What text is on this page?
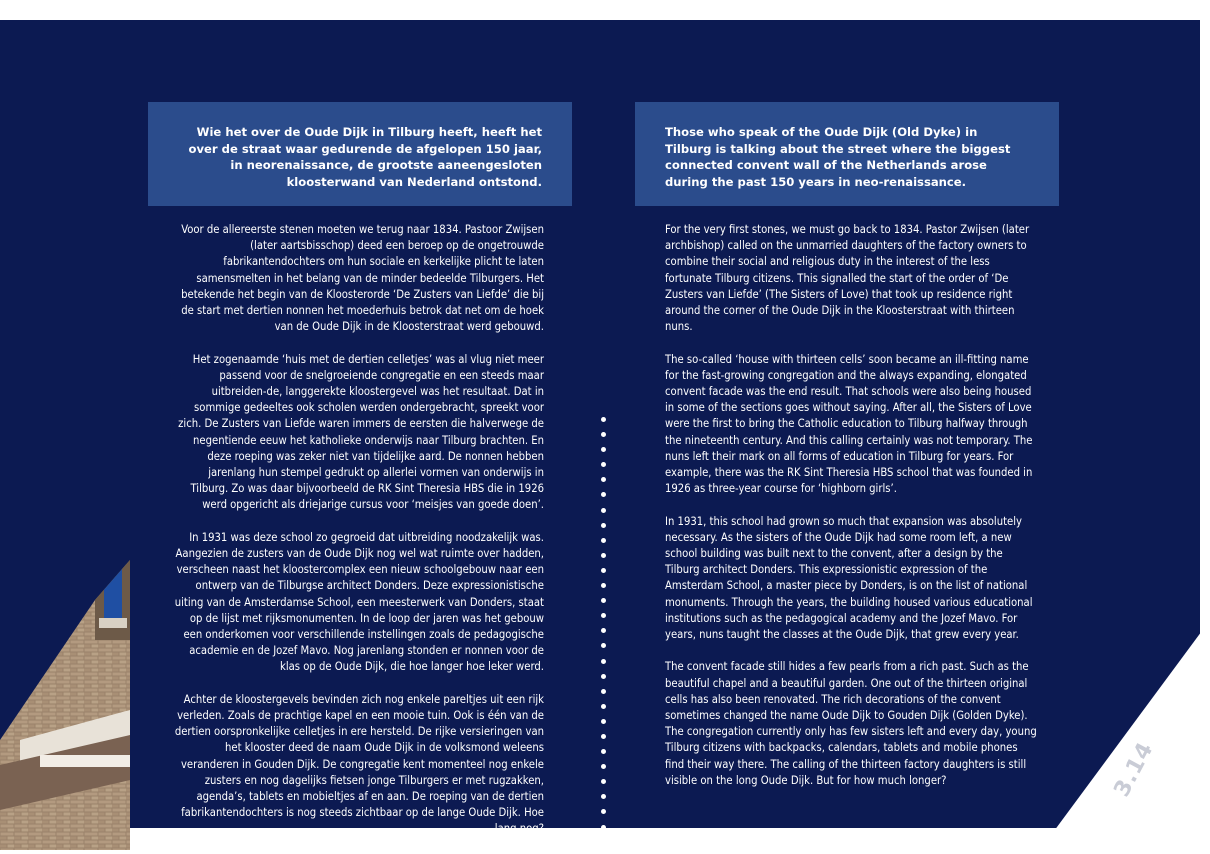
Wie het over de Oude Dijk in Tilburg heeft, heeft het over de straat waar gedurende de afgelopen 150 jaar, in neorenaissance, de grootste aaneengesloten kloosterwand van Nederland ontstond.
Those who speak of the Oude Dijk (Old Dyke) in Tilburg is talking about the street where the biggest connected convent wall of the Netherlands arose during the past 150 years in neo-renaissance.

Voor de allereerste stenen moeten we terug naar 1834. Pastoor Zwijsen (later aartsbisschop) deed een beroep op de ongetrouwde fabrikantendochters om hun sociale en kerkelijke plicht te laten samensmelten in het belang van de minder bedeelde Tilburgers. Het betekende het begin van de Kloosterorde ‘De Zusters van Liefde’ die bij de start met dertien nonnen het moederhuis betrok dat net om de hoek van de Oude Dijk in de Kloosterstraat werd gebouwd.

Het zogenaamde ‘huis met de dertien celletjes’ was al vlug niet meer passend voor de snelgroeiende congregatie en een steeds maar uitbreiden-de, langgerekte kloostergevel was het resultaat. Dat in sommige gedeeltes ook scholen werden ondergebracht, spreekt voor zich. De Zusters van Liefde waren immers de eersten die halverwege de negentiende eeuw het katholieke onderwijs naar Tilburg brachten. En deze roeping was zeker niet van tijdelijke aard. De nonnen hebben jarenlang hun stempel gedrukt op allerlei vormen van onderwijs in Tilburg. Zo was daar bijvoorbeeld de RK Sint Theresia HBS die in 1926 werd opgericht als driejarige cursus voor ‘meisjes van goede doen’.

In 1931 was deze school zo gegroeid dat uitbreiding noodzakelijk was. Aangezien de zusters van de Oude Dijk nog wel wat ruimte over hadden, verscheen naast het kloostercomplex een nieuw schoolgebouw naar een ontwerp van de Tilburgse architect Donders. Deze expressionistische uiting van de Amsterdamse School, een meesterwerk van Donders, staat op de lijst met rijksmonumenten. In de loop der jaren was het gebouw een onderkomen voor verschillende instellingen zoals de pedagogische academie en de Jozef Mavo. Nog jarenlang stonden er nonnen voor de klas op de Oude Dijk, die hoe langer hoe leker werd.

Achter de kloostergevels bevinden zich nog enkele pareltjes uit een rijk verleden. Zoals de prachtige kapel en een mooie tuin. Ook is één van de dertien oorspronkelijke celletjes in ere hersteld. De rijke versieringen van het klooster deed de naam Oude Dijk in de volksmond weleens veranderen in Gouden Dijk. De congregatie kent momenteel nog enkele zusters en nog dagelijks fietsen jonge Tilburgers er met rugzakken, agenda’s, tablets en mobieltjes af en aan. De roeping van de dertien fabrikantendochters is nog steeds zichtbaar op de lange Oude Dijk. Hoe lang nog?

For the very first stones, we must go back to 1834. Pastor Zwijsen (later archbishop) called on the unmarried daughters of the factory owners to combine their social and religious duty in the interest of the less fortunate Tilburg citizens. This signalled the start of the order of ‘De Zusters van Liefde’ (The Sisters of Love) that took up residence right around the corner of the Oude Dijk in the Kloosterstraat with thirteen nuns.

The so-called ‘house with thirteen cells’ soon became an ill-fitting name for the fast-growing congregation and the always expanding, elongated convent facade was the end result. That schools were also being housed in some of the sections goes without saying. After all, the Sisters of Love were the first to bring the Catholic education to Tilburg halfway through the nineteenth century. And this calling certainly was not temporary. The nuns left their mark on all forms of education in Tilburg for years. For example, there was the RK Sint Theresia HBS school that was founded in 1926 as three-year course for ‘highborn girls’.

In 1931, this school had grown so much that expansion was absolutely necessary. As the sisters of the Oude Dijk had some room left, a new school building was built next to the convent, after a design by the Tilburg architect Donders. This expressionistic expression of the Amsterdam School, a master piece by Donders, is on the list of national monuments. Through the years, the building housed various educational institutions such as the pedagogical academy and the Jozef Mavo. For years, nuns taught the classes at the Oude Dijk, that grew every year.

The convent facade still hides a few pearls from a rich past. Such as the beautiful chapel and a beautiful garden. One out of the thirteen original cells has also been renovated. The rich decorations of the convent sometimes changed the name Oude Dijk to Gouden Dijk (Golden Dyke). The congregation currently only has few sisters left and every day, young Tilburg citizens with backpacks, calendars, tablets and mobile phones find their way there. The calling of the thirteen factory daughters is still visible on the long Oude Dijk. But for how much longer?	3.14
